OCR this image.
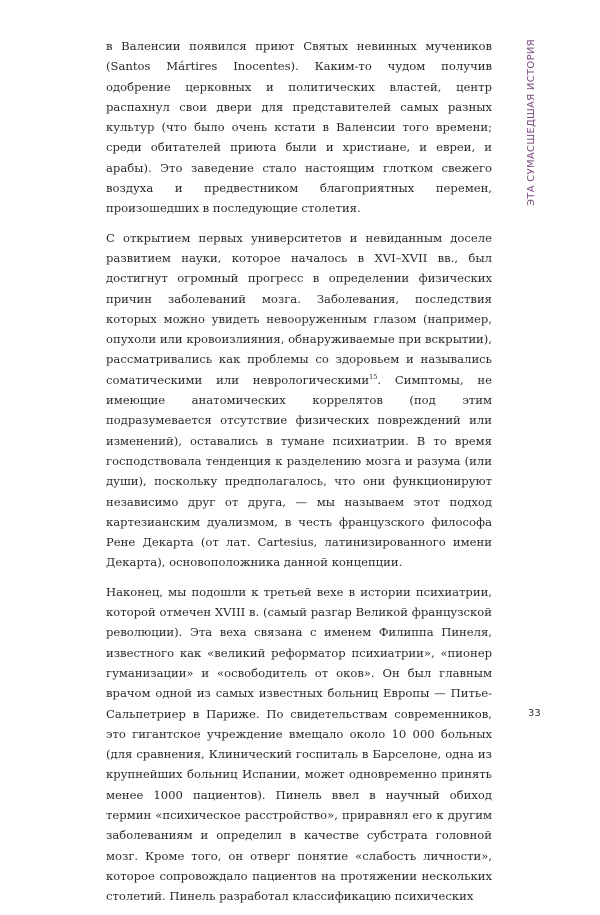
ЭТА СУМАСШЕДШАЯ ИСТОРИЯ

в Валенсии появился приют Святых невинных мучеников (Santos Mártires Inocentes). Каким-то чудом получив одобрение церковных и политических властей, центр распахнул свои двери для представителей самых разных культур (что было очень кстати в Валенсии того времени; среди обитателей приюта были и христиане, и евреи, и арабы). Это заведение стало настоящим глотком свежего воздуха и предвестником благоприятных перемен, произошедших в последующие столетия.

С открытием первых университетов и невиданным доселе развитием науки, которое началось в XVI–XVII вв., был достигнут огромный прогресс в определении физических причин заболеваний мозга. Заболевания, последствия которых можно увидеть невооруженным глазом (например, опухоли или кровоизлияния, обнаруживаемые при вскрытии), рассматривались как проблемы со здоровьем и назывались соматическими или неврологическими$^{15}$. Симптомы, не имеющие анатомических коррелятов (под этим подразумевается отсутствие физических повреждений или изменений), оставались в тумане психиатрии. В то время господствовала тенденция к разделению мозга и разума (или души), поскольку предполагалось, что они функционируют независимо друг от друга, — мы называем этот подход картезианским дуализмом, в честь французского философа Рене Декарта (от лат. Cartesius, латинизированного имени Декарта), основоположника данной концепции.

Наконец, мы подошли к третьей вехе в истории психиатрии, которой отмечен XVIII в. (самый разгар Великой французской революции). Эта веха связана с именем Филиппа Пинеля, известного как «великий реформатор психиатрии», «пионер гуманизации» и «освободитель от оков». Он был главным врачом одной из самых известных больниц Европы — Питье-Сальпетриер в Париже. По свидетельствам современников, это гигантское учреждение вмещало около 10 000 больных (для сравнения, Клинический госпиталь в Барселоне, одна из крупнейших больниц Испании, может одновременно принять менее 1000 пациентов). Пинель ввел в научный обиход термин «психическое расстройство», приравнял его к другим заболеваниям и определил в качестве субстрата головной мозг. Кроме того, он отверг понятие «слабость личности», которое сопровождало пациентов на протяжении нескольких столетий. Пинель разработал классификацию психических

33
